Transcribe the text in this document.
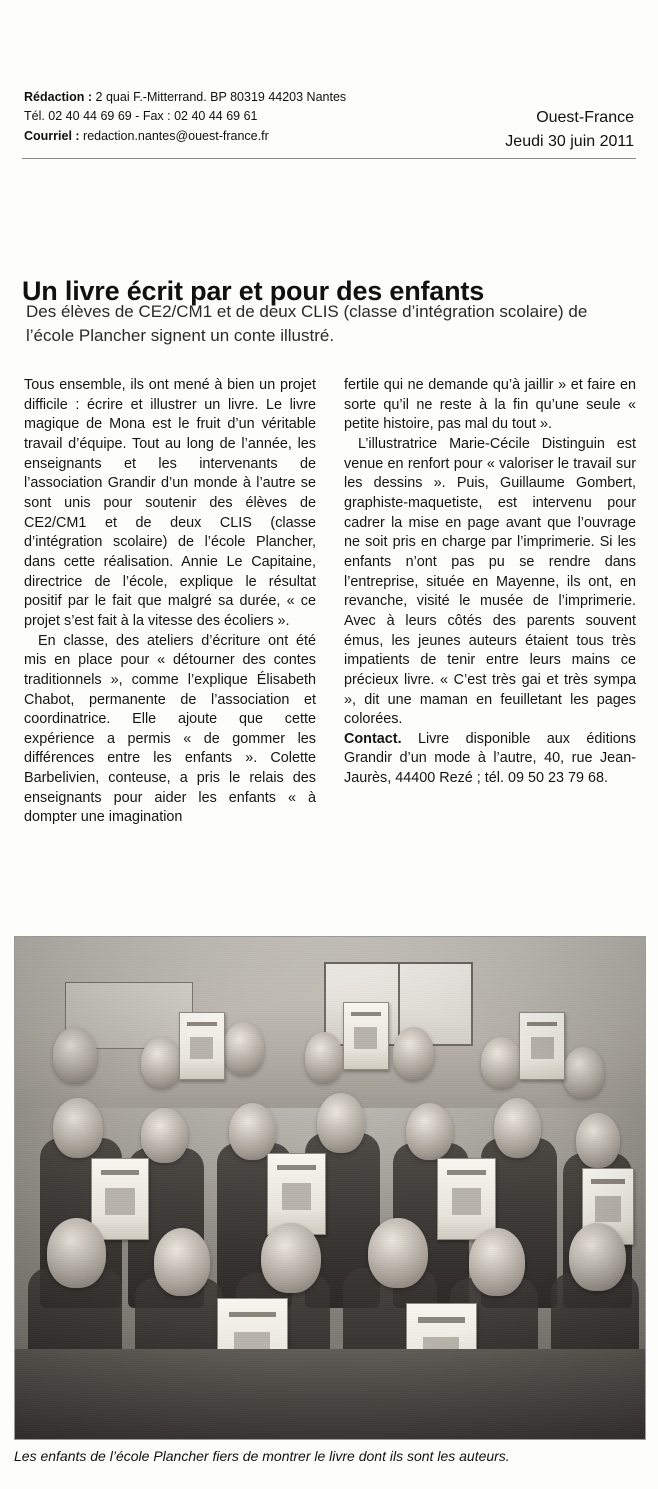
Rédaction : 2 quai F.-Mitterrand. BP 80319 44203 Nantes
Tél. 02 40 44 69 69 - Fax : 02 40 44 69 61
Courriel : redaction.nantes@ouest-france.fr
Ouest-France
Jeudi 30 juin 2011
Un livre écrit par et pour des enfants
Des élèves de CE2/CM1 et de deux CLIS (classe d’intégration scolaire) de l’école Plancher signent un conte illustré.

Tous ensemble, ils ont mené à bien un projet difficile : écrire et illustrer un livre. Le livre magique de Mona est le fruit d’un véritable travail d’équipe. Tout au long de l’année, les enseignants et les intervenants de l’association Grandir d’un monde à l’autre se sont unis pour soutenir des élèves de CE2/CM1 et de deux CLIS (classe d’intégration scolaire) de l’école Plancher, dans cette réalisation. Annie Le Capitaine, directrice de l’école, explique le résultat positif par le fait que malgré sa durée, « ce projet s’est fait à la vitesse des écoliers ».

En classe, des ateliers d’écriture ont été mis en place pour « détourner des contes traditionnels », comme l’explique Élisabeth Chabot, permanente de l’association et coordinatrice. Elle ajoute que cette expérience a permis « de gommer les différences entre les enfants ». Colette Barbelivien, conteuse, a pris le relais des enseignants pour aider les enfants « à dompter une imagination

fertile qui ne demande qu’à jaillir » et faire en sorte qu’il ne reste à la fin qu’une seule « petite histoire, pas mal du tout ».

L’illustratrice Marie-Cécile Distinguin est venue en renfort pour « valoriser le travail sur les dessins ». Puis, Guillaume Gombert, graphiste-maquetiste, est intervenu pour cadrer la mise en page avant que l’ouvrage ne soit pris en charge par l’imprimerie. Si les enfants n’ont pas pu se rendre dans l’entreprise, située en Mayenne, ils ont, en revanche, visité le musée de l’imprimerie. Avec à leurs côtés des parents souvent émus, les jeunes auteurs étaient tous très impatients de tenir entre leurs mains ce précieux livre. « C’est très gai et très sympa », dit une maman en feuilletant les pages colorées.

Contact. Livre disponible aux éditions Grandir d’un mode à l’autre, 40, rue Jean-Jaurès, 44400 Rezé ; tél. 09 50 23 79 68.

Les enfants de l’école Plancher fiers de montrer le livre dont ils sont les auteurs.
